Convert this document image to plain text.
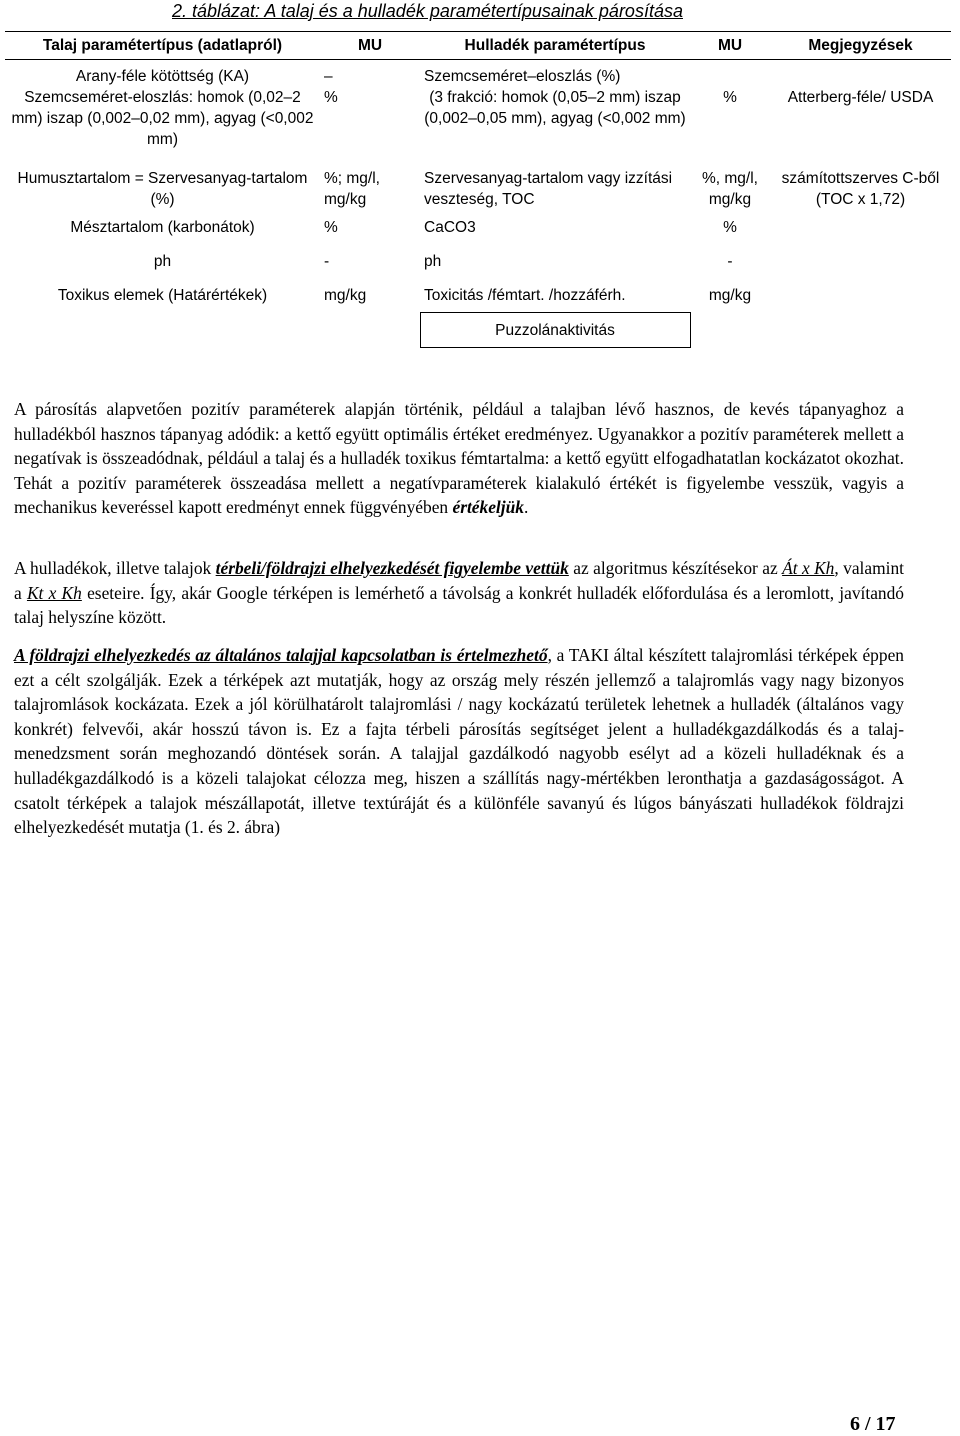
2. táblázat: A talaj és a hulladék paramétertípusainak párosítása
Talaj paramétertípus (adatlapról)	MU	Hulladék paramétertípus	MU	Megjegyzések
Arany-féle kötöttség (KA)	–	Szemcseméret–eloszlás (%)		
Szemcseméret-eloszlás: homok (0,02–2 mm) iszap (0,002–0,02 mm), agyag (<0,002 mm)	%	(3 frakció: homok (0,05–2 mm) iszap (0,002–0,05 mm), agyag (<0,002 mm)	%	Atterberg-féle/ USDA
Humusztartalom = Szervesanyag-tartalom (%)	%; mg/l, mg/kg	Szervesanyag-tartalom vagy izzítási veszteség, TOC	%, mg/l, mg/kg	számítottszerves C-ből (TOC x 1,72)
Mésztartalom (karbonátok)	%	CaCO3	%	
ph	-	ph	-	
Toxikus elemek (Határértékek)	mg/kg	Toxicitás /fémtart. /hozzáférh.	mg/kg	
		Puzzolánaktivitás		

A párosítás alapvetően pozitív paraméterek alapján történik, például a talajban lévő hasznos, de kevés tápanyaghoz a hulladékból hasznos tápanyag adódik: a kettő együtt optimális értéket eredményez. Ugyanakkor a pozitív paraméterek mellett a negatívak is összeadódnak, például a talaj és a hulladék toxikus fémtartalma: a kettő együtt elfogadhatatlan kockázatot okozhat. Tehát a pozitív paraméterek összeadása mellett a negatívparaméterek kialakuló értékét is figyelembe vesszük, vagyis a mechanikus keveréssel kapott eredményt ennek függvényében értékeljük.

A hulladékok, illetve talajok térbeli/földrajzi elhelyezkedését figyelembe vettük az algoritmus készítésekor az Át x Kh, valamint a Kt x Kh eseteire. Így, akár Google térképen is lemérhető a távolság a konkrét hulladék előfordulása és a leromlott, javítandó talaj helyszíne között.

A földrajzi elhelyezkedés az általános talajjal kapcsolatban is értelmezhető, a TAKI által készített talajromlási térképek éppen ezt a célt szolgálják. Ezek a térképek azt mutatják, hogy az ország mely részén jellemző a talajromlás vagy nagy bizonyos talajromlások kockázata. Ezek a jól körülhatárolt talajromlási / nagy kockázatú területek lehetnek a hulladék (általános vagy konkrét) felvevői, akár hosszú távon is. Ez a fajta térbeli párosítás segítséget jelent a hulladékgazdálkodás és a talaj-menedzsment során meghozandó döntések során. A talajjal gazdálkodó nagyobb esélyt ad a közeli hulladéknak és a hulladékgazdálkodó is a közeli talajokat célozza meg, hiszen a szállítás nagy-mértékben leronthatja a gazdaságosságot. A csatolt térképek a talajok mészállapotát, illetve textúráját és a különféle savanyú és lúgos bányászati hulladékok földrajzi elhelyezkedését mutatja (1. és 2. ábra)

6 / 17
